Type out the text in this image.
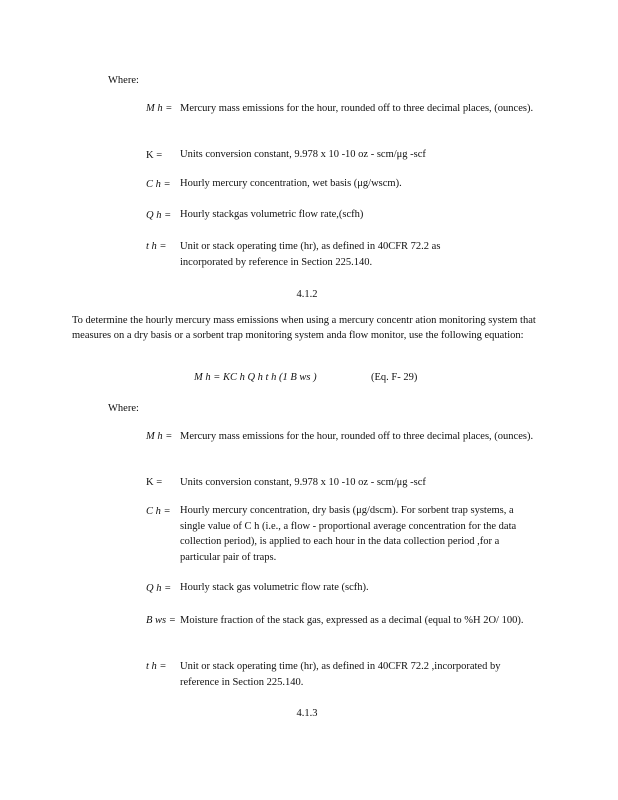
Where:
M h = Mercury mass emissions for the hour, rounded off to three decimal places, (ounces).
K = Units conversion constant, 9.978 x 10 -10 oz - scm/μg -scf
C h = Hourly mercury concentration, wet basis (μg/wscm).
Q h = Hourly stackgas volumetric flow rate,(scfh)
t h = Unit or stack operating time (hr), as defined in 40CFR 72.2 as incorporated by reference in Section 225.140.
4.1.2
To determine the hourly mercury mass emissions when using a mercury concentr ation monitoring system that measures on a dry basis or a sorbent trap monitoring system anda flow monitor, use the following equation:
M h = KC h Q h t h (1 B ws )	(Eq. F- 29)
Where:
M h = Mercury mass emissions for the hour, rounded off to three decimal places, (ounces).
K = Units conversion constant, 9.978 x 10 -10 oz - scm/μg -scf
C h = Hourly mercury concentration, dry basis (μg/dscm). For sorbent trap systems, a single value of C h (i.e., a flow - proportional average concentration for the data collection period), is applied to each hour in the data collection period ,for a particular pair of traps.
Q h = Hourly stack gas volumetric flow rate (scfh).
B ws = Moisture fraction of the stack gas, expressed as a decimal (equal to %H 2O/ 100).
t h = Unit or stack operating time (hr), as defined in 40CFR 72.2 ,incorporated by reference in Section 225.140.
4.1.3
